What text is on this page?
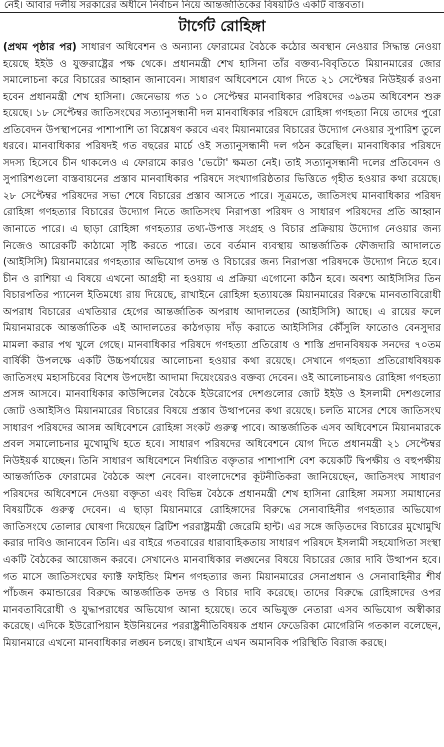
নেই। আবার দলীয় সরকারের অধীনে নির্বাচন নিয়ে আন্তর্জাতিকের বিষয়টিও একটি বাস্তবতা।
টার্গেট রোহিঙ্গা

(প্রথম পৃষ্ঠার পর) সাধারণ অধিবেশন ও অন্যান্য ফোরামের বৈঠকে কঠোর অবস্থান নেওয়ার সিদ্ধান্ত নেওয়া হয়েছে ইইউ ও যুক্তরাষ্ট্রের পক্ষ থেকে। প্রধানমন্ত্রী শেখ হাসিনা তাঁর বক্তব্য-বিবৃতিতে মিয়ানমারের জোর সমালোচনা করে বিচারের আহ্বান জানাবেন। সাধারণ অধিবেশনে যোগ দিতে ২১ সেপ্টেম্বর নিউইয়র্ক রওনা হবেন প্রধানমন্ত্রী শেখ হাসিনা। জেনেভায় গত ১০ সেপ্টেম্বর মানবাধিকার পরিষদের ৩৯তম অধিবেশন শুরু হয়েছে। ১৮ সেপ্টেম্বর জাতিসংঘের সত্যানুসন্ধানী দল মানবাধিকার পরিষদে রোহিঙ্গা গণহত্যা নিয়ে তাদের পুরো প্রতিবেদন উপস্থাপনের পাশাপাশি তা বিশ্লেষণ করবে এবং মিয়ানমারের বিচারের উদ্যোগ নেওয়ার সুপারিশ তুলে ধরবে। মানবাধিকার পরিষদই গত বছরের মার্চে ওই সত্যানুসন্ধানী দল গঠন করেছিল। মানবাধিকার পরিষদে সদস্য হিসেবে চীন থাকলেও এ ফোরামে কারও 'ভেটো' ক্ষমতা নেই। তাই সত্যানুসন্ধানী দলের প্রতিবেদন ও সুপারিশগুলো বাস্তবায়নের প্রস্তাব মানবাধিকার পরিষদে সংখ্যাগরিষ্ঠতার ভিত্তিতে গৃহীত হওয়ার কথা রয়েছে। ২৮ সেপ্টেম্বর পরিষদের সভা শেষে বিচারের প্রস্তাব আসতে পারে। সূত্রমতে, জাতিসংঘ মানবাধিকার পরিষদ রোহিঙ্গা গণহত্যার বিচারের উদ্যোগ নিতে জাতিসংঘ নিরাপত্তা পরিষদ ও সাধারণ পরিষদের প্রতি আহ্বান জানাতে পারে। এ ছাড়া রোহিঙ্গা গণহত্যার তথ্য-উপাত্ত সংগ্রহ ও বিচার প্রক্রিয়ায় উদ্যোগ নেওয়ার জন্য নিজেও আরেকটি কাঠামো সৃষ্টি করতে পারে। তবে বর্তমান ব্যবস্থায় আন্তর্জাতিক ফৌজদারি আদালতে (আইসিসি) মিয়ানমারের গণহত্যার অভিযোগ তদন্ত ও বিচারের জন্য নিরাপত্তা পরিষদকে উদ্যোগ নিতে হবে। চীন ও রাশিয়া এ বিষয়ে এখনো আগ্রহী না হওয়ায় এ প্রক্রিয়া এগোনো কঠিন হবে। অবশ্য আইসিসির তিন বিচারপতির প্যানেল ইতিমধ্যে রায় দিয়েছে, রাখাইনে রোহিঙ্গা হত্যাযজ্ঞে মিয়ানমারের বিরুদ্ধে মানবতাবিরোধী অপরাধ বিচারের এখতিয়ার হেগের আন্তর্জাতিক অপরাধ আদালতের (আইসিসি) আছে। এ রায়ের ফলে মিয়ানমারকে আন্তর্জাতিক এই আদালতের কাঠগড়ায় দাঁড় করাতে আইসিসির কৌঁসুলি ফাতোও বেনসুদার মামলা করার পথ খুলে গেছে। মানবাধিকার পরিষদে গণহত্যা প্রতিরোধ ও শাস্তি প্রদানবিষয়ক সনদের ৭০তম বার্ষিকী উপলক্ষে একটি উচ্চপর্যায়ের আলোচনা হওয়ার কথা রয়েছে। সেখানে গণহত্যা প্রতিরোধবিষয়ক জাতিসংঘ মহাসচিবের বিশেষ উপদেষ্টা আদামা দিয়েংয়েরও বক্তব্য দেবেন। ওই আলোচনায়ও রোহিঙ্গা গণহত্যা প্রসঙ্গ আসবে। মানবাধিকার কাউন্সিলের বৈঠকে ইউরোপের দেশগুলোর জোট ইইউ ও ইসলামী দেশগুলোর জোট ওআইসিও মিয়ানমারের বিচারের বিষয়ে প্রস্তাব উত্থাপনের কথা রয়েছে। চলতি মাসের শেষে জাতিসংঘ সাধারণ পরিষদের আসন্ন অধিবেশনে রোহিঙ্গা সংকট গুরুত্ব পাবে। আন্তর্জাতিক এসব অধিবেশনে মিয়ানমারকে প্রবল সমালোচনার মুখোমুখি হতে হবে। সাধারণ পরিষদের অধিবেশনে যোগ দিতে প্রধানমন্ত্রী ২১ সেপ্টেম্বর নিউইয়র্ক যাচ্ছেন। তিনি সাধারণ অধিবেশনে নির্ধারিত বক্তৃতার পাশাপাশি বেশ কয়েকটি দ্বিপক্ষীয় ও বহুপক্ষীয় আন্তর্জাতিক ফোরামের বৈঠকে অংশ নেবেন। বাংলাদেশের কূটনীতিকরা জানিয়েছেন, জাতিসংঘ সাধারণ পরিষদের অধিবেশনে দেওয়া বক্তৃতা এবং বিভিন্ন বৈঠকে প্রধানমন্ত্রী শেখ হাসিনা রোহিঙ্গা সমস্যা সমাধানের বিষয়টিকে গুরুত্ব দেবেন। এ ছাড়া মিয়ানমারে রোহিঙ্গাদের বিরুদ্ধে সেনাবাহিনীর গণহত্যার অভিযোগ জাতিসংঘে তোলার ঘোষণা দিয়েছেন ব্রিটিশ পররাষ্ট্রমন্ত্রী জেরেমি হান্ট। এর সঙ্গে জড়িতদের বিচারের মুখোমুখি করার দাবিও জানাবেন তিনি। এর বাইরে গতবারের ধারাবাহিকতায় সাধারণ পরিষদে ইসলামী সহযোগিতা সংস্থা একটি বৈঠকের আয়োজন করবে। সেখানেও মানবাধিকার লঙ্ঘনের বিষয়ে বিচারের জোর দাবি উত্থাপন হবে। গত মাসে জাতিসংঘের ফ্যাক্ট ফাইন্ডিং মিশন গণহত্যার জন্য মিয়ানমারের সেনাপ্রধান ও সেনাবাহিনীর শীর্ষ পাঁচজন কমান্ডারের বিরুদ্ধে আন্তর্জাতিক তদন্ত ও বিচার দাবি করেছে। তাদের বিরুদ্ধে রোহিঙ্গাদের ওপর মানবতাবিরোধী ও যুদ্ধাপরাধের অভিযোগ আনা হয়েছে। তবে অভিযুক্ত নেতারা এসব অভিযোগ অস্বীকার করেছে। এদিকে ইউরোপিয়ান ইউনিয়নের পররাষ্ট্রনীতিবিষয়ক প্রধান ফেডেরিকা মোগেরিনি গতকাল বলেছেন, মিয়ানমারে এখনো মানবাধিকার লঙ্ঘন চলছে। রাখাইনে এখন অমানবিক পরিস্থিতি বিরাজ করছে।
